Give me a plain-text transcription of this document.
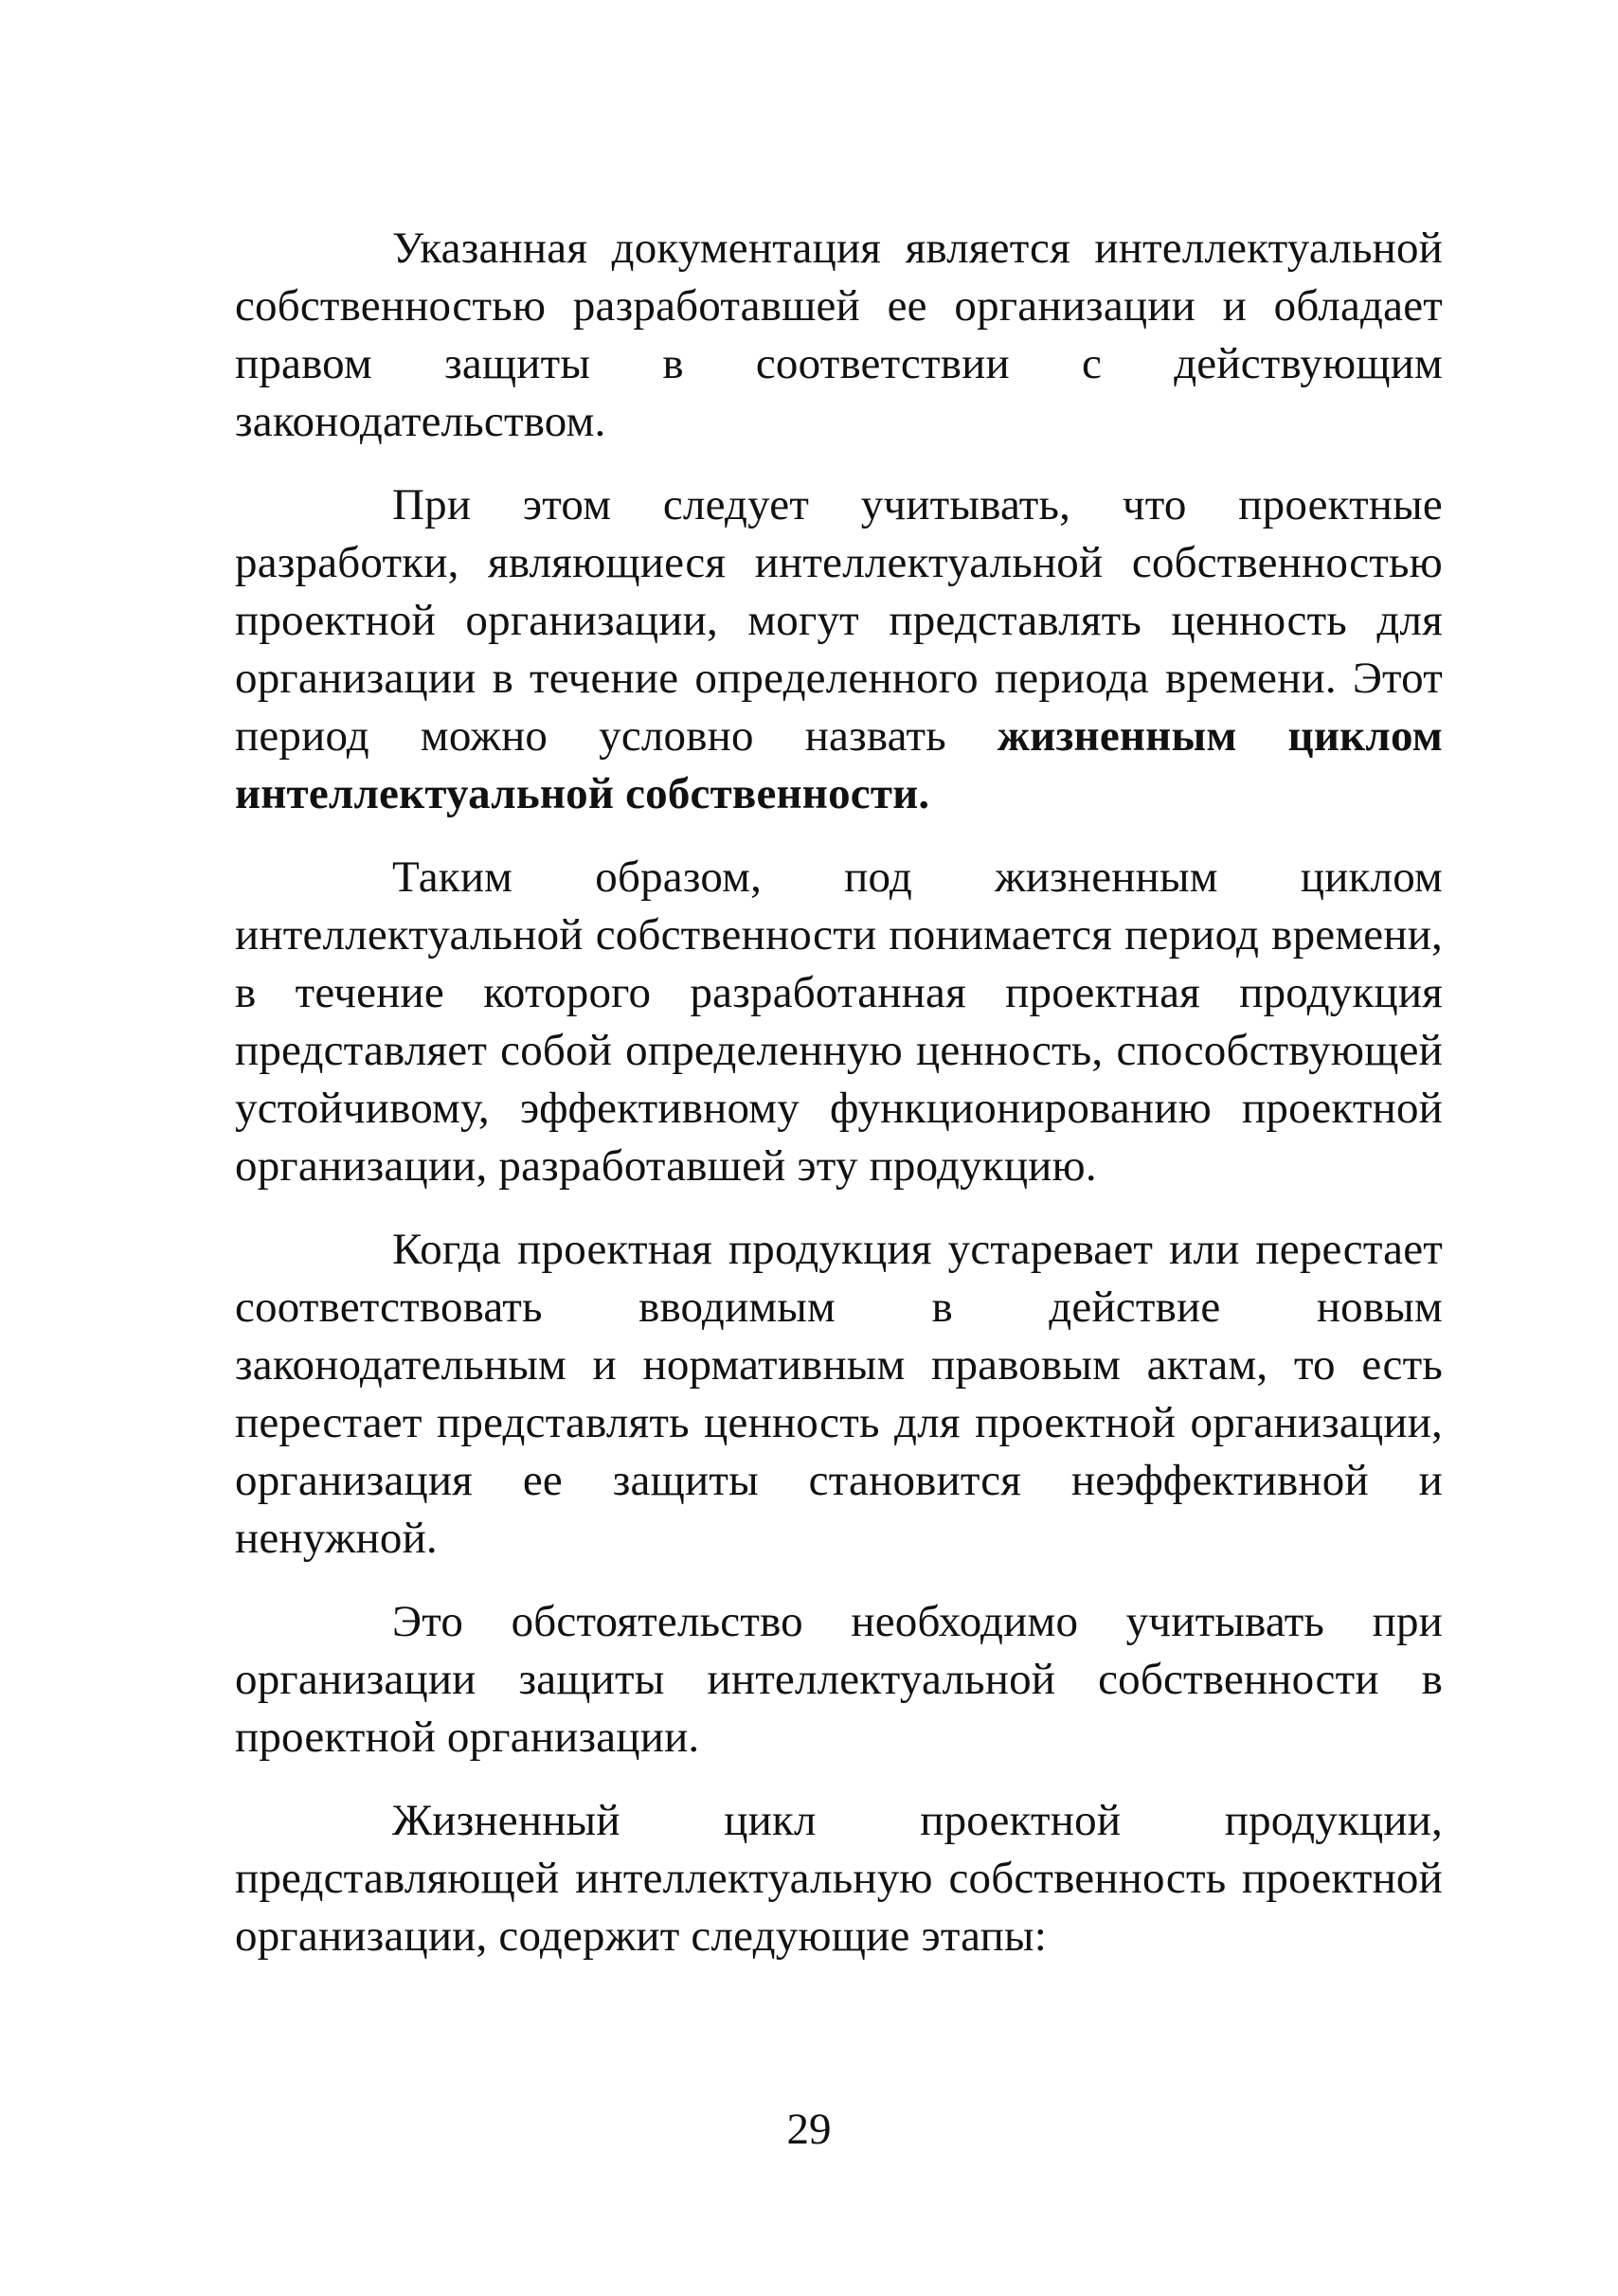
Указанная документация является интеллектуальной собственностью разработавшей ее организации и обладает правом защиты в соответствии с действующим законодательством.

При этом следует учитывать, что проектные разработки, являющиеся интеллектуальной собственностью проектной организации, могут представлять ценность для организации в течение определенного периода времени. Этот период можно условно назвать жизненным циклом интеллектуальной собственности.

Таким образом, под жизненным циклом интеллектуальной собственности понимается период времени, в течение которого разработанная проектная продукция представляет собой определенную ценность, способствующей устойчивому, эффективному функционированию проектной организации, разработавшей эту продукцию.

Когда проектная продукция устаревает или перестает соответствовать вводимым в действие новым законодательным и нормативным правовым актам, то есть перестает представлять ценность для проектной организации, организация ее защиты становится неэффективной и ненужной.

Это обстоятельство необходимо учитывать при организации защиты интеллектуальной собственности в проектной организации.

Жизненный цикл проектной продукции, представляющей интеллектуальную собственность проектной организации, содержит следующие этапы:

29
